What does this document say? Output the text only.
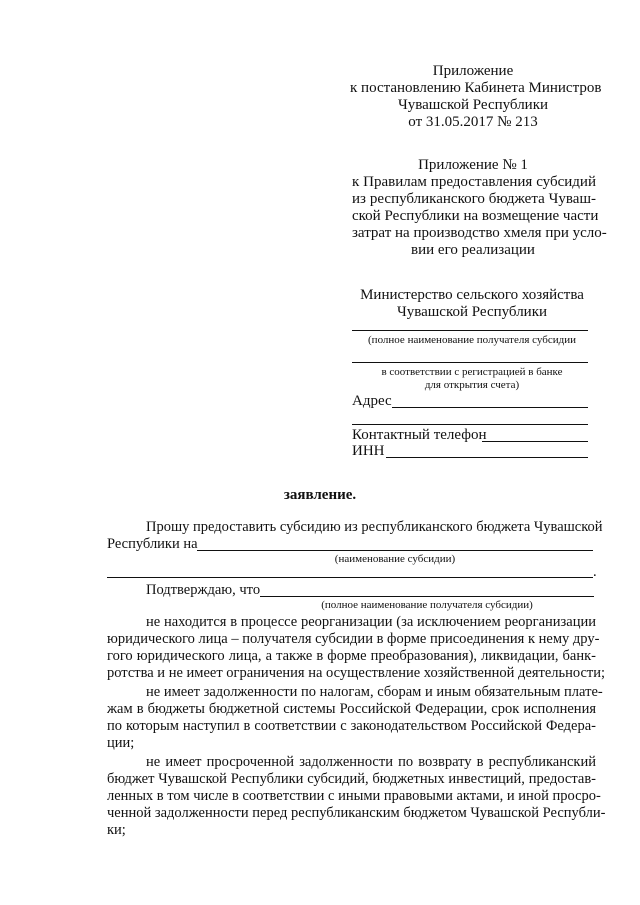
Приложение
к постановлению Кабинета Министров
Чувашской Республики
от 31.05.2017 № 213
Приложение № 1
к Правилам предоставления субсидий
из республиканского бюджета Чуваш-
ской Республики на возмещение части
затрат на производство хмеля при усло-
вии его реализации
Министерство сельского хозяйства
Чувашской Республики
(полное наименование получателя субсидии
в соответствии с регистрацией в банке
для открытия счета)
Адрес
Контактный телефон
ИНН
заявление.
Прошу предоставить субсидию из республиканского бюджета Чувашской
Республики на
(наименование субсидии)
.
Подтверждаю, что
(полное наименование получателя субсидии)
не находится в процессе реорганизации (за исключением реорганизации
юридического лица – получателя субсидии в форме присоединения к нему дру-
гого юридического лица, а также в форме преобразования), ликвидации, банк-
ротства и не имеет ограничения на осуществление хозяйственной деятельности;
не имеет задолженности по налогам, сборам и иным обязательным плате-
жам в бюджеты бюджетной системы Российской Федерации, срок исполнения
по которым наступил в соответствии с законодательством Российской Федера-
ции;
не имеет просроченной задолженности по возврату в республиканский
бюджет Чувашской Республики субсидий, бюджетных инвестиций, предостав-
ленных в том числе в соответствии с иными правовыми актами, и иной просро-
ченной задолженности перед республиканским бюджетом Чувашской Республи-
ки;
